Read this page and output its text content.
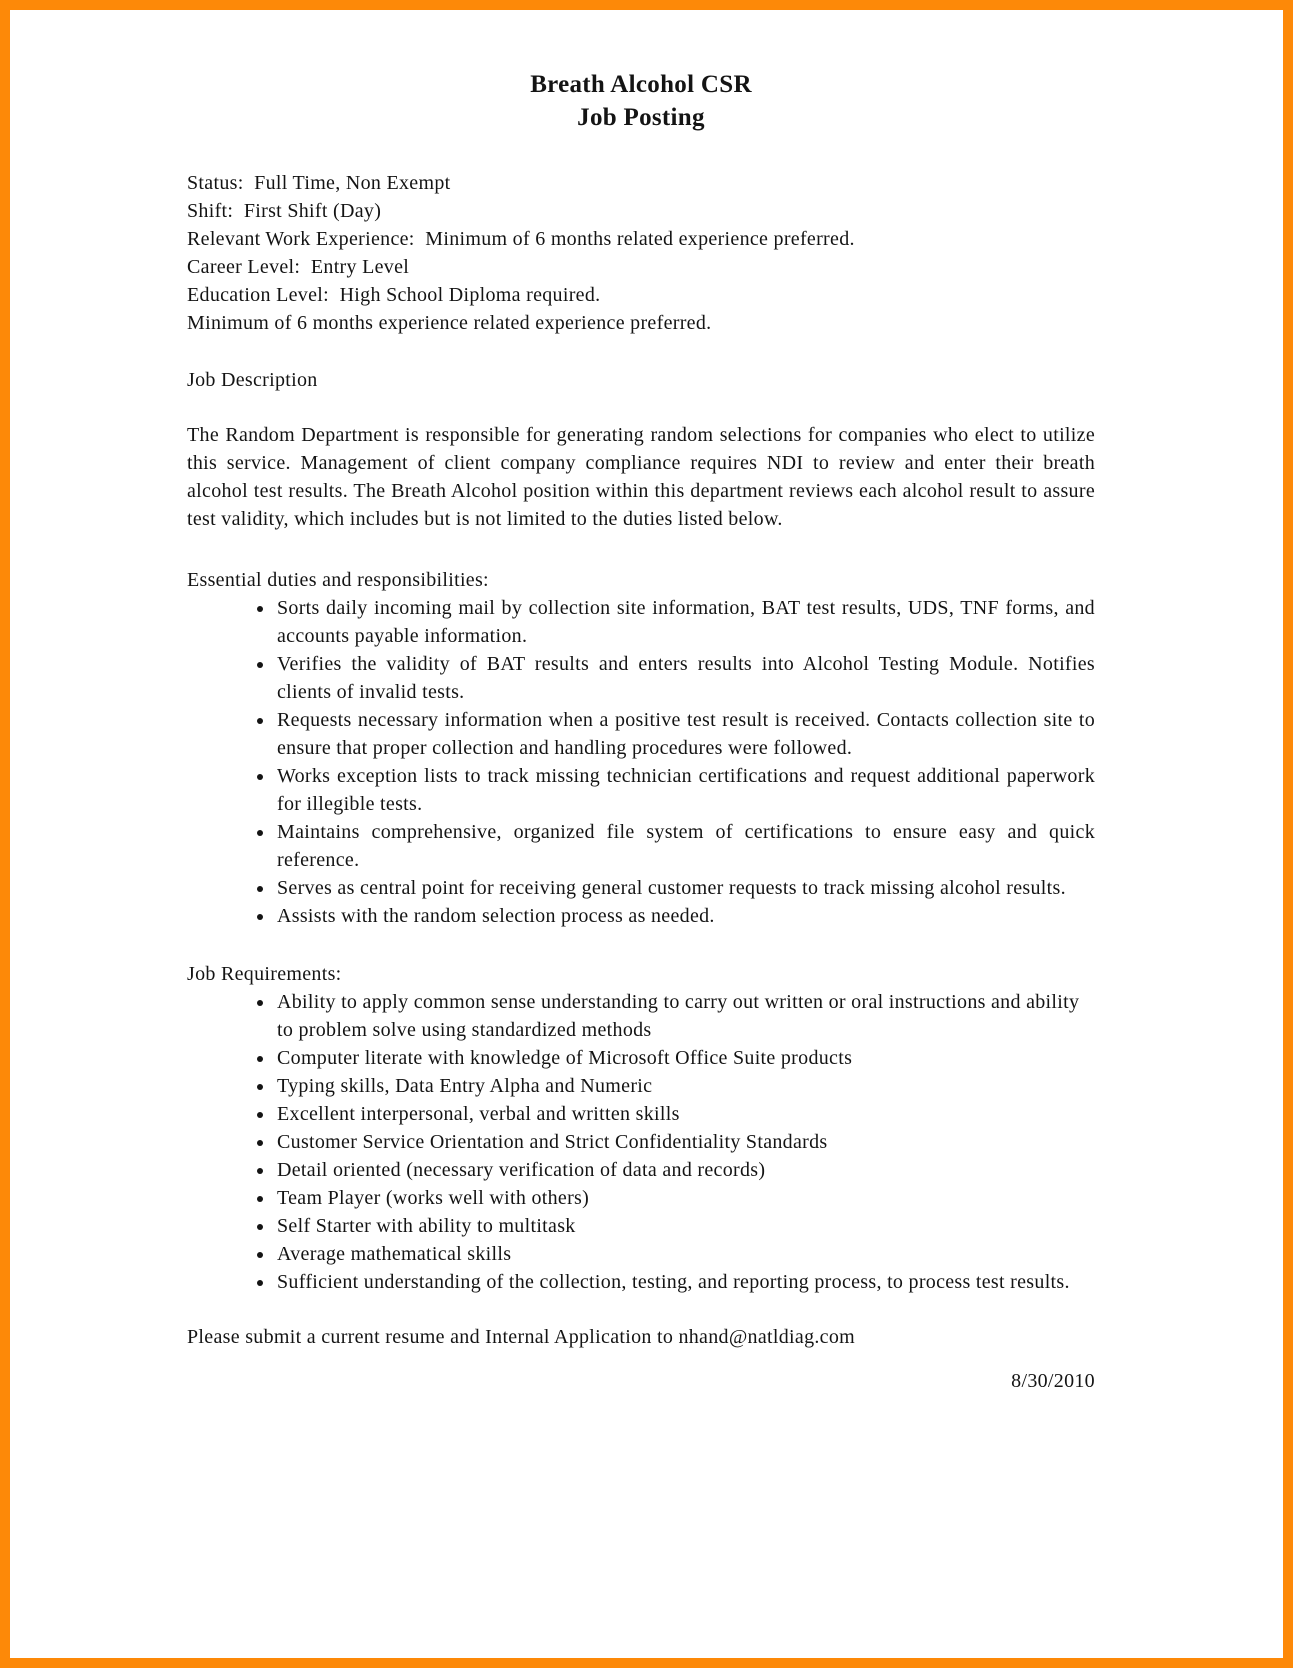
Breath Alcohol CSR
Job Posting
Status:  Full Time, Non Exempt
Shift:  First Shift (Day)
Relevant Work Experience:  Minimum of 6 months related experience preferred.
Career Level:  Entry Level
Education Level:  High School Diploma required.
Minimum of 6 months experience related experience preferred.
Job Description

The Random Department is responsible for generating random selections for companies who elect to utilize this service. Management of client company compliance requires NDI to review and enter their breath alcohol test results. The Breath Alcohol position within this department reviews each alcohol result to assure test validity, which includes but is not limited to the duties listed below.

Essential duties and responsibilities:
• Sorts daily incoming mail by collection site information, BAT test results, UDS, TNF forms, and accounts payable information.
• Verifies the validity of BAT results and enters results into Alcohol Testing Module. Notifies clients of invalid tests.
• Requests necessary information when a positive test result is received. Contacts collection site to ensure that proper collection and handling procedures were followed.
• Works exception lists to track missing technician certifications and request additional paperwork for illegible tests.
• Maintains comprehensive, organized file system of certifications to ensure easy and quick reference.
• Serves as central point for receiving general customer requests to track missing alcohol results.
• Assists with the random selection process as needed.
Job Requirements:
• Ability to apply common sense understanding to carry out written or oral instructions and ability to problem solve using standardized methods
• Computer literate with knowledge of Microsoft Office Suite products
• Typing skills, Data Entry Alpha and Numeric
• Excellent interpersonal, verbal and written skills
• Customer Service Orientation and Strict Confidentiality Standards
• Detail oriented (necessary verification of data and records)
• Team Player (works well with others)
• Self Starter with ability to multitask
• Average mathematical skills
• Sufficient understanding of the collection, testing, and reporting process, to process test results.

Please submit a current resume and Internal Application to nhand@natldiag.com

8/30/2010
